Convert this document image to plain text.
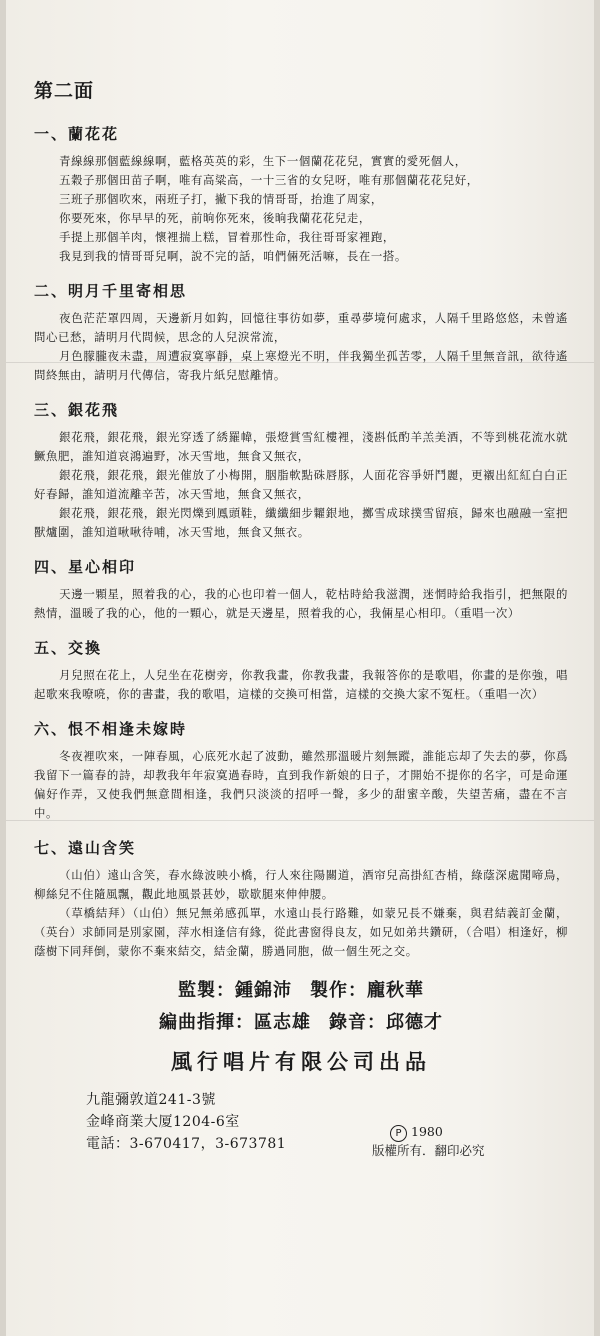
第二面
一、蘭花花

青線線那個藍線線啊，藍格英英的彩，生下一個蘭花花兒，實實的愛死個人，

五穀子那個田苗子啊，唯有高粱高，一十三省的女兒呀，唯有那個蘭花花兒好，

三班子那個吹來，兩班子打，撇下我的情哥哥，抬進了周家，

你要死來，你早早的死，前晌你死來，後晌我蘭花花兒走，

手提上那個羊肉，懷裡揣上糕，冒着那性命，我往哥哥家裡跑，

我見到我的情哥哥兒啊，說不完的話，咱們倆死活嘛，長在一搭。

二、明月千里寄相思

夜色茫茫罩四周，天邊新月如鈎，回憶往事彷如夢，重尋夢境何處求，人隔千里路悠悠，未曾遙問心已愁，請明月代問候，思念的人兒淚常流，

月色朦朧夜未盡，周遭寂寞寧靜，桌上寒燈光不明，伴我獨坐孤苦零，人隔千里無音訊，欲待遙問終無由，請明月代傳信，寄我片紙兒慰離情。

三、銀花飛

銀花飛，銀花飛，銀光穿透了綉羅幃，張燈賞雪紅樓裡，淺斟低酌羊羔美酒，不等到桃花流水就鱖魚肥，誰知道哀鴻遍野，冰天雪地，無食又無衣，

銀花飛，銀花飛，銀光催放了小梅開，胭脂軟點硃唇豚，人面花容爭妍鬥麗，更襯出紅紅白白正好春歸，誰知道流離辛苦，冰天雪地，無食又無衣，

銀花飛，銀花飛，銀光閃爍到鳳頭鞋，纖纖細步糶銀地，擲雪成球撲雪留痕，歸來也融融一室把獸爐圍，誰知道啾啾待哺，冰天雪地，無食又無衣。

四、星心相印

天邊一顆星，照着我的心，我的心也印着一個人，乾枯時給我滋潤，迷惘時給我指引，把無限的熱情，溫暖了我的心，他的一顆心，就是天邊星，照着我的心，我倆星心相印。（重唱一次）

五、交換

月兒照在花上，人兒坐在花樹旁，你教我畫，你教我畫，我報答你的是歌唱，你畫的是你強，唱起歌來我嘹喨，你的書畫，我的歌唱，這樣的交換可相當，這樣的交換大家不冤枉。（重唱一次）

六、恨不相逢未嫁時

冬夜裡吹來，一陣春風，心底死水起了波動，雖然那溫暖片刻無蹤，誰能忘却了失去的夢，你爲我留下一篇春的詩，却教我年年寂寞過春時，直到我作新娘的日子，才開始不提你的名字，可是命運偏好作弄，又使我們無意間相逢，我們只淡淡的招呼一聲，多少的甜蜜辛酸，失望苦痛，盡在不言中。

七、遠山含笑

（山伯）遠山含笑，春水綠波映小橋，行人來往陽關道，酒帘兒高掛紅杏梢，綠蔭深處聞啼鳥，柳絲兒不住隨風飄，觀此地風景甚妙，歇歇腿來伸伸腰。

（草橋結拜）（山伯）無兄無弟感孤單，水遠山長行路難，如蒙兄長不嫌棄，與君結義訂金蘭，（英台）求師同是別家園，萍水相逢信有緣，從此書窗得良友，如兄如弟共鑽研，（合唱）相逢好，柳蔭樹下同拜倒，蒙你不棄來結交，結金蘭，勝過同胞，做一個生死之交。

監製：鍾錦沛 製作：龐秋華
編曲指揮：區志雄 錄音：邱德才
風行唱片有限公司出品
九龍彌敦道241-3號
金峰商業大厦1204-6室
電話：3-670417，3-673781
P 1980
版權所有．翻印必究
